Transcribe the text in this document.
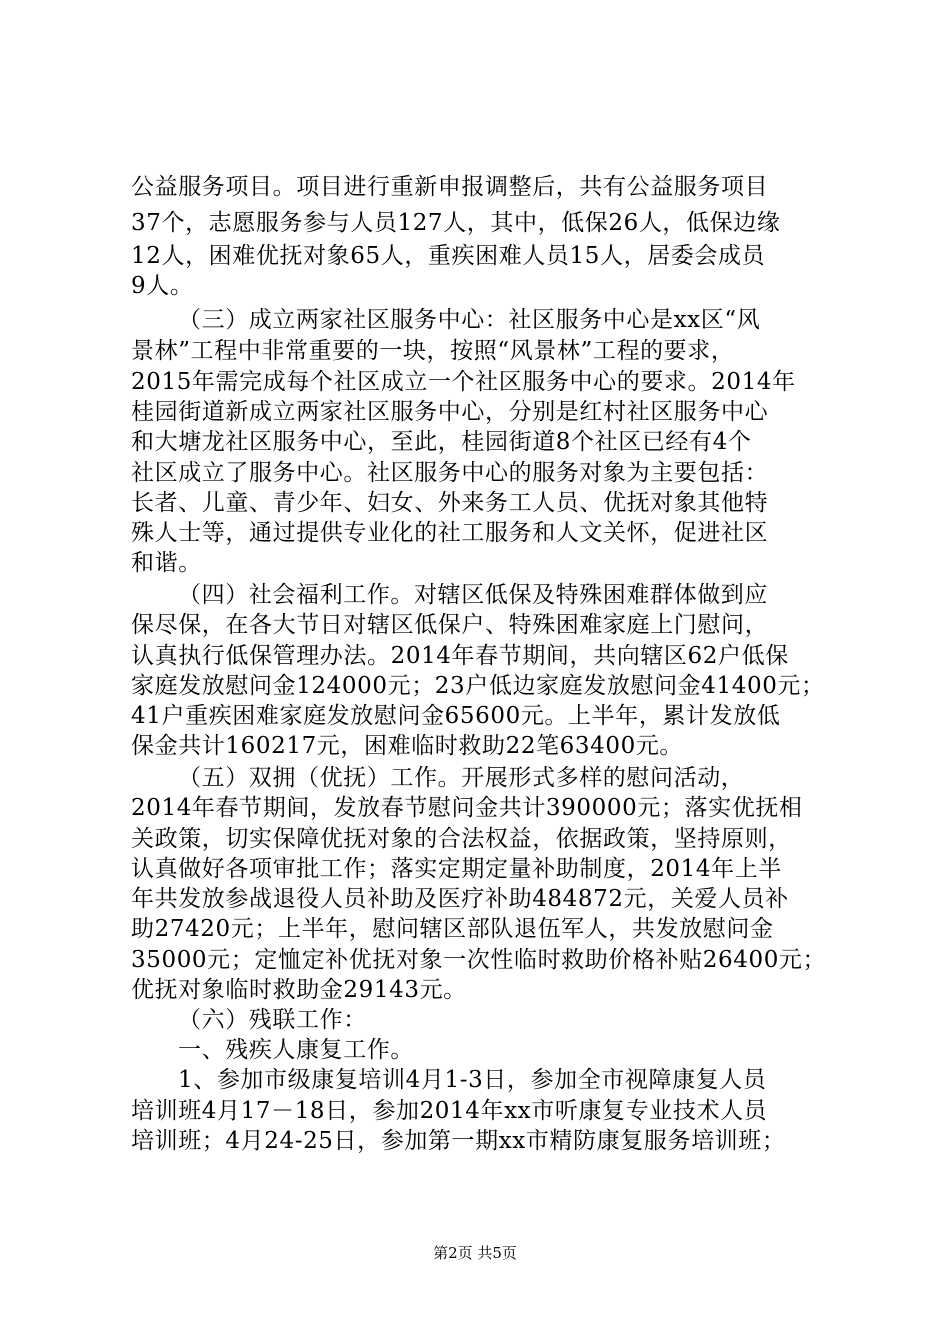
公益服务项目。项目进行重新申报调整后，共有公益服务项目
37个，志愿服务参与人员127人，其中，低保26人，低保边缘
12人，困难优抚对象65人，重疾困难人员15人，居委会成员
9人。
（三）成立两家社区服务中心：社区服务中心是xx区“风
景林”工程中非常重要的一块，按照“风景林”工程的要求，
2015年需完成每个社区成立一个社区服务中心的要求。2014年
桂园街道新成立两家社区服务中心，分别是红村社区服务中心
和大塘龙社区服务中心，至此，桂园街道8个社区已经有4个
社区成立了服务中心。社区服务中心的服务对象为主要包括：
长者、儿童、青少年、妇女、外来务工人员、优抚对象其他特
殊人士等，通过提供专业化的社工服务和人文关怀，促进社区
和谐。
（四）社会福利工作。对辖区低保及特殊困难群体做到应
保尽保，在各大节日对辖区低保户、特殊困难家庭上门慰问，
认真执行低保管理办法。2014年春节期间，共向辖区62户低保
家庭发放慰问金124000元；23户低边家庭发放慰问金41400元；
41户重疾困难家庭发放慰问金65600元。上半年，累计发放低
保金共计160217元，困难临时救助22笔63400元。
（五）双拥（优抚）工作。开展形式多样的慰问活动，
2014年春节期间，发放春节慰问金共计390000元；落实优抚相
关政策，切实保障优抚对象的合法权益，依据政策，坚持原则，
认真做好各项审批工作；落实定期定量补助制度，2014年上半
年共发放参战退役人员补助及医疗补助484872元，关爱人员补
助27420元；上半年，慰问辖区部队退伍军人，共发放慰问金
35000元；定恤定补优抚对象一次性临时救助价格补贴26400元；
优抚对象临时救助金29143元。
（六）残联工作：
一、残疾人康复工作。
1、参加市级康复培训4月1-3日，参加全市视障康复人员
培训班4月17－18日，参加2014年xx市听康复专业技术人员
培训班；4月24-25日，参加第一期xx市精防康复服务培训班；
第2页 共5页
